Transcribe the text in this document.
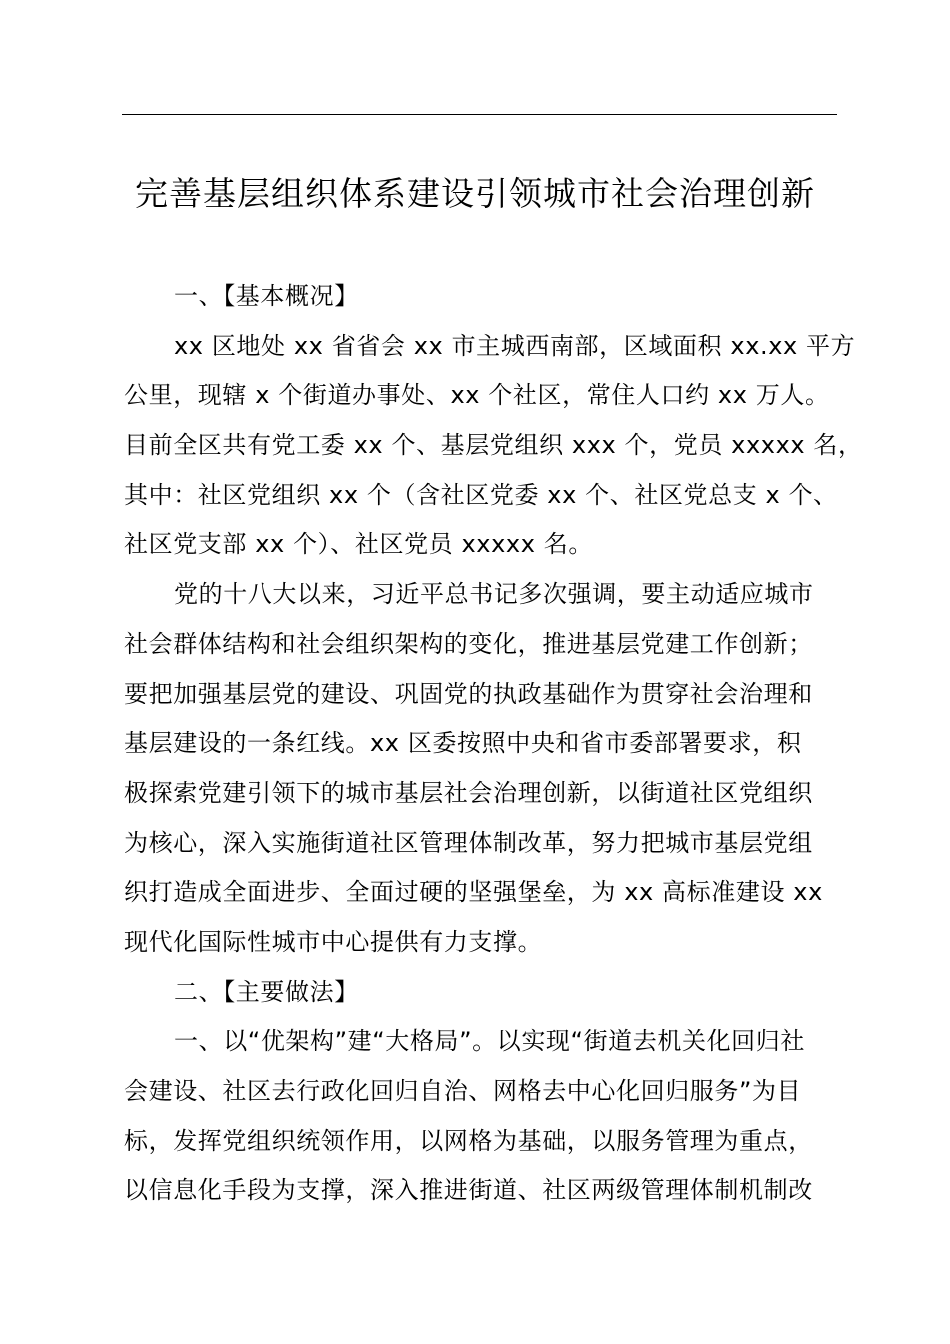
完善基层组织体系建设引领城市社会治理创新
一、【基本概况】
xx 区地处 xx 省省会 xx 市主城西南部，区域面积 xx.xx 平方
公里，现辖 x 个街道办事处、xx 个社区，常住人口约 xx 万人。
目前全区共有党工委 xx 个、基层党组织 xxx 个，党员 xxxxx 名，
其中：社区党组织 xx 个（含社区党委 xx 个、社区党总支 x 个、
社区党支部 xx 个）、社区党员 xxxxx 名。
党的十八大以来，习近平总书记多次强调，要主动适应城市
社会群体结构和社会组织架构的变化，推进基层党建工作创新；
要把加强基层党的建设、巩固党的执政基础作为贯穿社会治理和
基层建设的一条红线。xx 区委按照中央和省市委部署要求，积
极探索党建引领下的城市基层社会治理创新，以街道社区党组织
为核心，深入实施街道社区管理体制改革，努力把城市基层党组
织打造成全面进步、全面过硬的坚强堡垒，为 xx 高标准建设 xx
现代化国际性城市中心提供有力支撑。
二、【主要做法】
一、以“优架构”建“大格局”。以实现“街道去机关化回归社
会建设、社区去行政化回归自治、网格去中心化回归服务”为目
标，发挥党组织统领作用，以网格为基础，以服务管理为重点，
以信息化手段为支撑，深入推进街道、社区两级管理体制机制改
